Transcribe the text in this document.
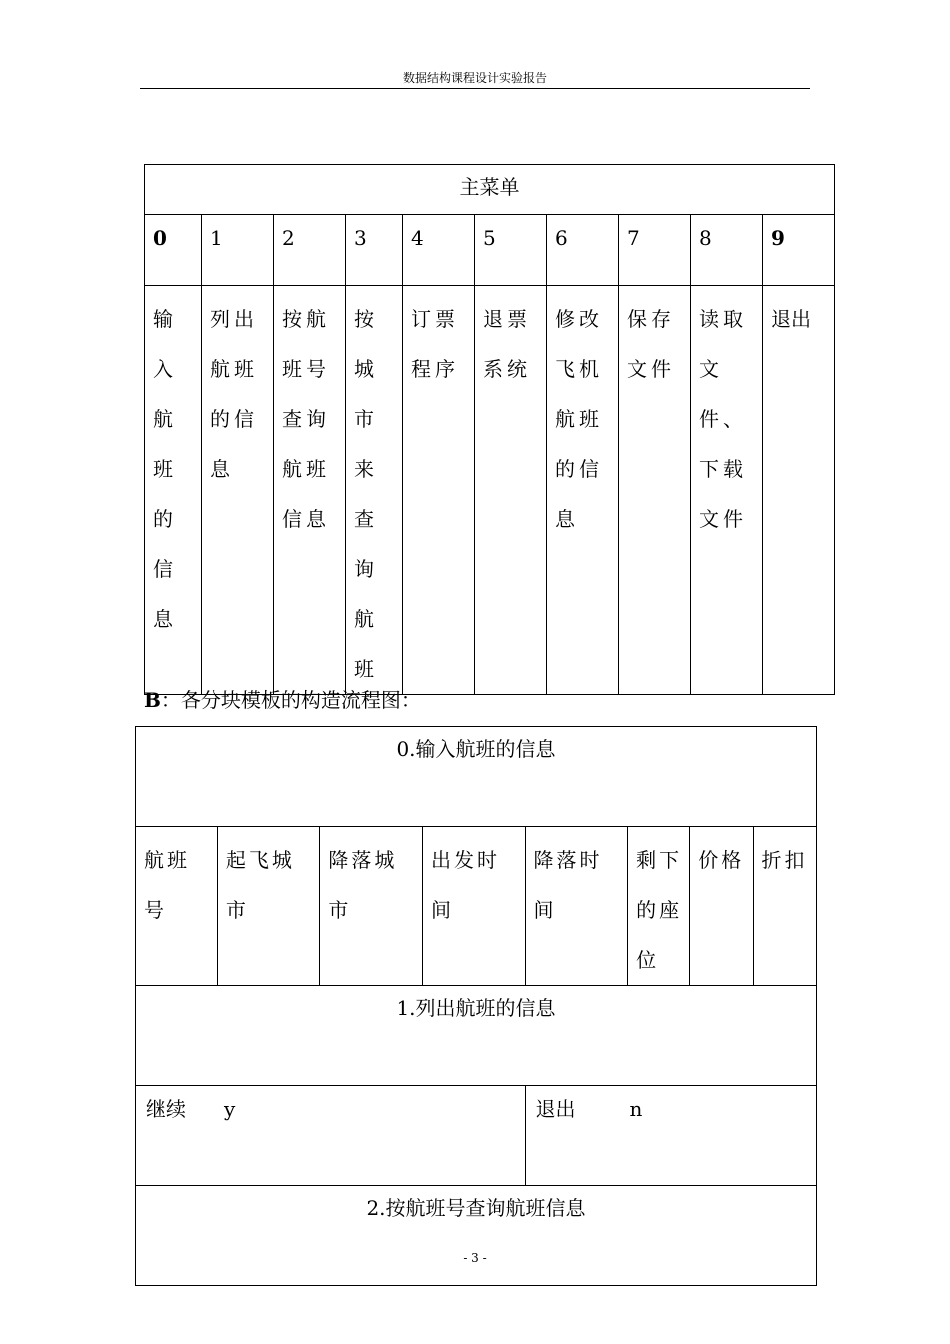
数据结构课程设计实验报告
主菜单									
0	1	2	3	4	5	6	7	8	9

输入航班的信息	列出航班的信息	按航班号查询航班信息	按城市来查询航班	订票程序	退票系统	修改飞机航班的信息	保存文件	读取文件、下载文件	退出
B：各分块模板的构造流程图：
0.输入航班的信息							

航班号	起飞城市	降落城市	出发时间	降落时间	剩下的座位	价格	折扣

1.列出航班的信息							

继续 y				退出 n			

2.按航班号查询航班信息							
- 3 -
